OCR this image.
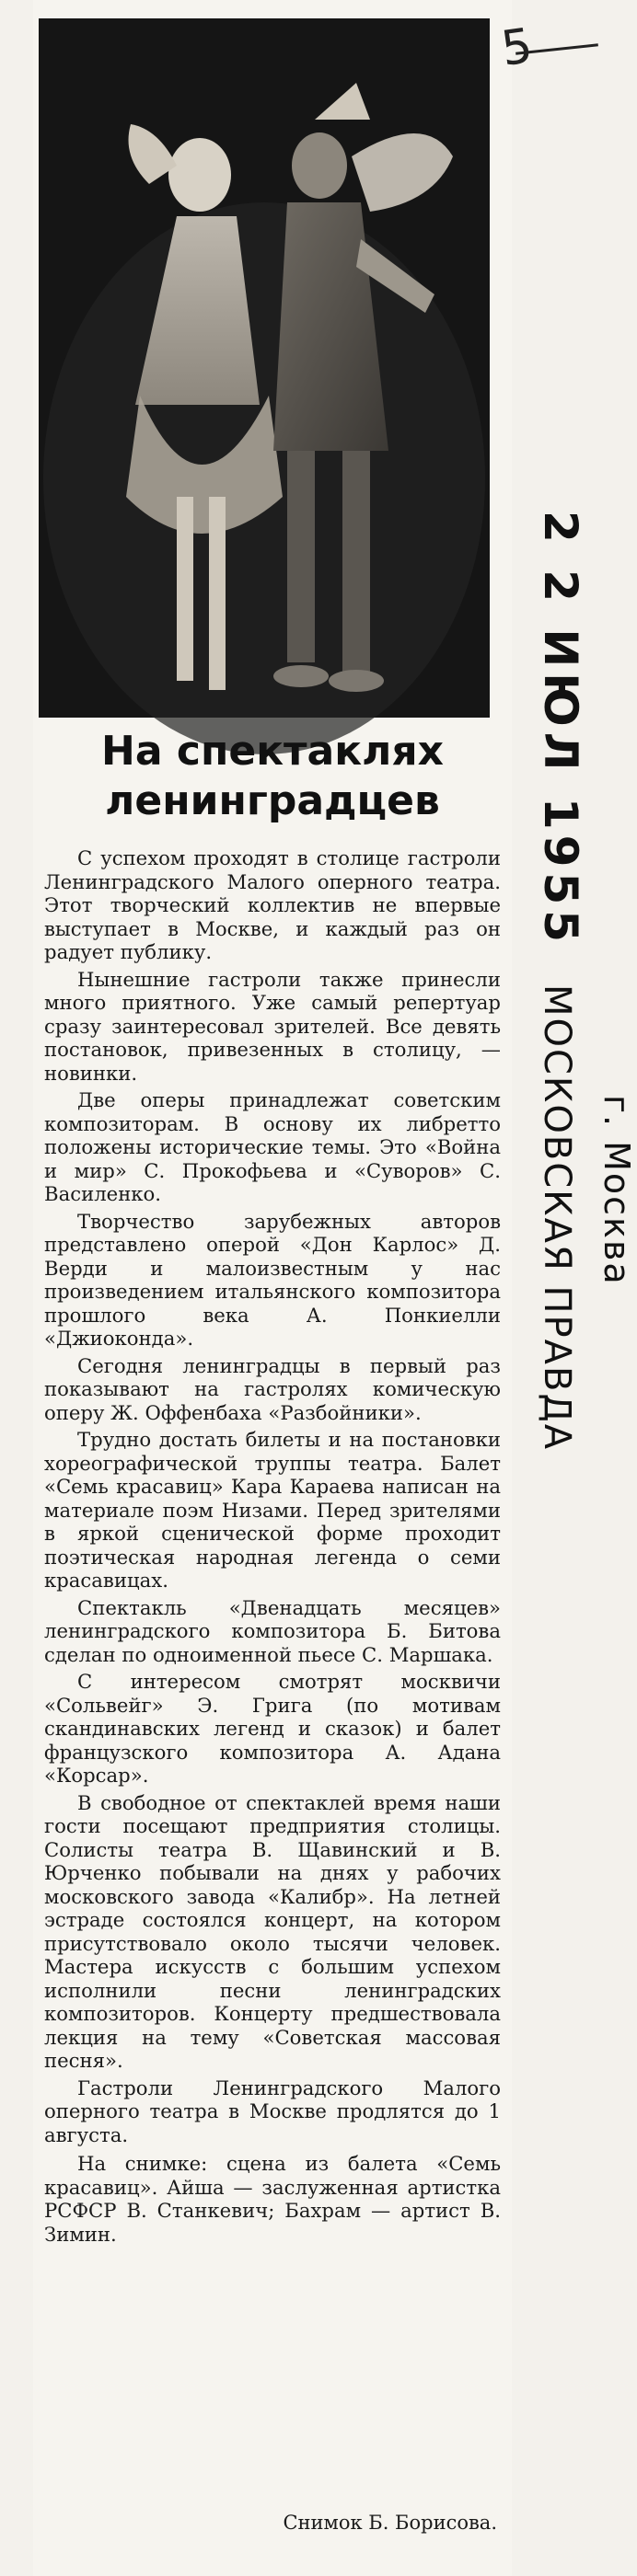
5
На спектаклях
ленинградцев

С успехом проходят в столице гастроли Ленинградского Малого оперного театра. Этот творческий коллектив не впервые выступает в Москве, и каждый раз он радует публику.

Нынешние гастроли также принесли много приятного. Уже самый репертуар сразу заинтересовал зрителей. Все девять постановок, привезенных в столицу, — новинки.

Две оперы принадлежат советским композиторам. В основу их либретто положены исторические темы. Это «Война и мир» С. Прокофьева и «Суворов» С. Василенко.

Творчество зарубежных авторов представлено оперой «Дон Карлос» Д. Верди и малоизвестным у нас произведением итальянского композитора прошлого века А. Понкиелли «Джиоконда».

Сегодня ленинградцы в первый раз показывают на гастролях комическую оперу Ж. Оффенбаха «Разбойники».

Трудно достать билеты и на постановки хореографической труппы театра. Балет «Семь красавиц» Кара Караева написан на материале поэм Низами. Перед зрителями в яркой сценической форме проходит поэтическая народная легенда о семи красавицах.

Спектакль «Двенадцать месяцев» ленинградского композитора Б. Битова сделан по одноименной пьесе С. Маршака.

С интересом смотрят москвичи «Сольвейг» Э. Грига (по мотивам скандинавских легенд и сказок) и балет французского композитора А. Адана «Корсар».

В свободное от спектаклей время наши гости посещают предприятия столицы. Солисты театра В. Щавинский и В. Юрченко побывали на днях у рабочих московского завода «Калибр». На летней эстраде состоялся концерт, на котором присутствовало около тысячи человек. Мастера искусств с большим успехом исполнили песни ленинградских композиторов. Концерту предшествовала лекция на тему «Советская массовая песня».

Гастроли Ленинградского Малого оперного театра в Москве продлятся до 1 августа.

На снимке: сцена из балета «Семь красавиц». Айша — заслуженная артистка РСФСР В. Станкевич; Бахрам — артист В. Зимин.

Снимок Б. Борисова.
2 2 ИЮЛ 1955
МОСКОВСКАЯ ПРАВДА г. Москва
